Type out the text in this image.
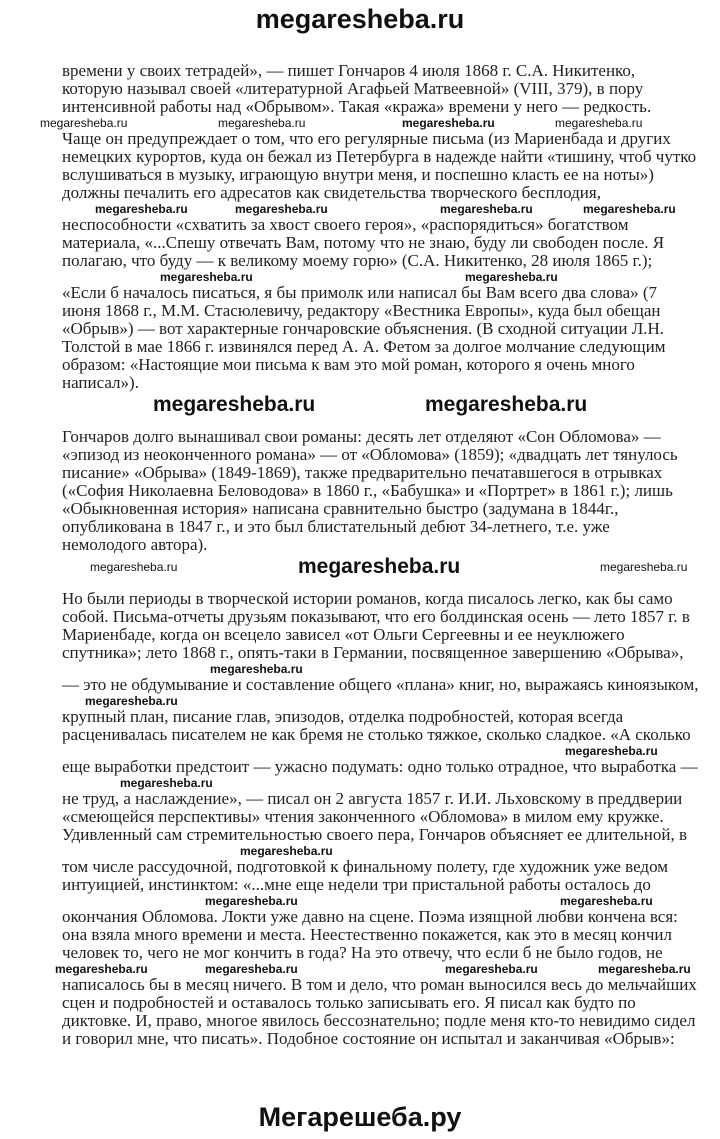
megaresheba.ru
времени у своих тетрадей», — пишет Гончаров 4 июля 1868 г. С.А. Никитенко,
которую называл своей «литературной Агафьей Матвеевной» (VIII, 379), в пору
интенсивной работы над «Обрывом». Такая «кража» времени у него — редкость.
megaresheba.ru	megaresheba.ru	megaresheba.ru	megaresheba.ru
Чаще он предупреждает о том, что его регулярные письма (из Мариенбада и других
немецких курортов, куда он бежал из Петербурга в надежде найти «тишину, чтоб чутко
вслушиваться в музыку, играющую внутри меня, и поспешно класть ее на ноты»)
должны печалить его адресатов как свидетельства творческого бесплодия,
megaresheba.ru	megaresheba.ru	megaresheba.ru	megaresheba.ru
неспособности «схватить за хвост своего героя», «распорядиться» богатством
материала, «...Спешу отвечать Вам, потому что не знаю, буду ли свободен после. Я
полагаю, что буду — к великому моему горю» (С.А. Никитенко, 28 июля 1865 г.);
megaresheba.ru	megaresheba.ru
«Если б началось писаться, я бы примолк или написал бы Вам всего два слова» (7
июня 1868 г., М.М. Стасюлевичу, редактору «Вестника Европы», куда был обещан
«Обрыв») — вот характерные гончаровские объяснения. (В сходной ситуации Л.Н.
Толстой в мае 1866 г. извинялся перед А. А. Фетом за долгое молчание следующим
образом: «Настоящие мои письма к вам это мой роман, которого я очень много
написал»).
megaresheba.ru	megaresheba.ru
Гончаров долго вынашивал свои романы: десять лет отделяют «Сон Обломова» —
«эпизод из неоконченного романа» — от «Обломова» (1859); «двадцать лет тянулось
писание» «Обрыва» (1849-1869), также предварительно печатавшегося в отрывках
(«София Николаевна Беловодова» в 1860 г., «Бабушка» и «Портрет» в 1861 г.); лишь
«Обыкновенная история» написана сравнительно быстро (задумана в 1844г.,
опубликована в 1847 г., и это был блистательный дебют 34-летнего, т.е. уже
немолодого автора).
megaresheba.ru	megaresheba.ru	megaresheba.ru
Но были периоды в творческой истории романов, когда писалось легко, как бы само
собой. Письма-отчеты друзьям показывают, что его болдинская осень — лето 1857 г. в
Мариенбаде, когда он всецело зависел «от Ольги Сергеевны и ее неуклюжего
спутника»; лето 1868 г., опять-таки в Германии, посвященное завершению «Обрыва»,
megaresheba.ru
— это не обдумывание и составление общего «плана» книг, но, выражаясь киноязыком,
megaresheba.ru
крупный план, писание глав, эпизодов, отделка подробностей, которая всегда
расценивалась писателем не как бремя не столько тяжкое, сколько сладкое. «А сколько
megaresheba.ru
еще выработки предстоит — ужасно подумать: одно только отрадное, что выработка —
megaresheba.ru
не труд, а наслаждение», — писал он 2 августа 1857 г. И.И. Льховскому в преддверии
«смеющейся перспективы» чтения законченного «Обломова» в милом ему кружке.
Удивленный сам стремительностью своего пера, Гончаров объясняет ее длительной, в
megaresheba.ru
том числе рассудочной, подготовкой к финальному полету, где художник уже ведом
интуицией, инстинктом: «...мне еще недели три пристальной работы осталось до
megaresheba.ru	megaresheba.ru
окончания Обломова. Локти уже давно на сцене. Поэма изящной любви кончена вся:
она взяла много времени и места. Неестественно покажется, как это в месяц кончил
человек то, чего не мог кончить в года? На это отвечу, что если б не было годов, не
megaresheba.ru	megaresheba.ru	megaresheba.ru	megaresheba.ru
написалось бы в месяц ничего. В том и дело, что роман выносился весь до мельчайших
сцен и подробностей и оставалось только записывать его. Я писал как будто по
диктовке. И, право, многое явилось бессознательно; подле меня кто-то невидимо сидел
и говорил мне, что писать». Подобное состояние он испытал и заканчивая «Обрыв»:
Мегарешеба.ру
